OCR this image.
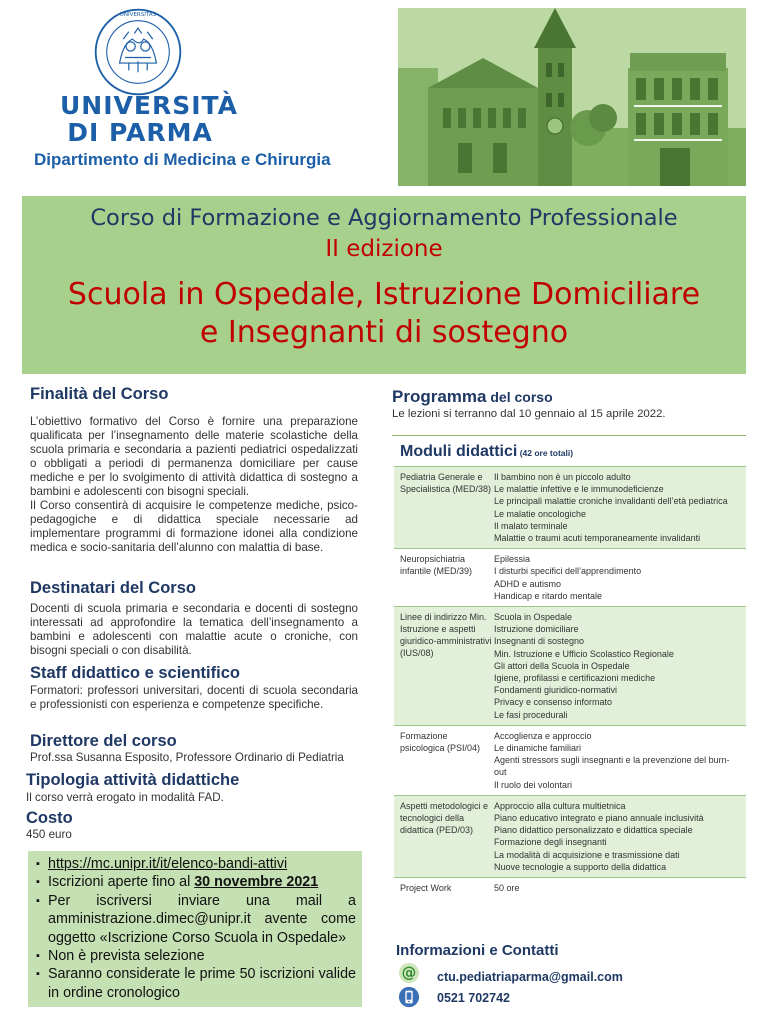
UNIVERSITAS
UNIVERSITÀ
DI PARMA
Dipartimento di Medicina e Chirurgia
Corso di Formazione e Aggiornamento Professionale
II edizione
Scuola in Ospedale, Istruzione Domiciliare
e Insegnanti di sostegno
Finalità del Corso

L’obiettivo formativo del Corso è fornire una preparazione qualificata per l’insegnamento delle materie scolastiche della scuola primaria e secondaria a pazienti pediatrici ospedalizzati o obbligati a periodi di permanenza domiciliare per cause mediche e per lo svolgimento di attività didattica di sostegno a bambini e adolescenti con bisogni speciali.

Il Corso consentirà di acquisire le competenze mediche, psico-pedagogiche e di didattica speciale necessarie ad implementare programmi di formazione idonei alla condizione medica e socio-sanitaria dell’alunno con malattia di base.

Destinatari del Corso

Docenti di scuola primaria e secondaria e docenti di sostegno interessati ad approfondire la tematica dell’insegnamento a bambini e adolescenti con malattie acute o croniche, con bisogni speciali o con disabilità.

Staff didattico e scientifico

Formatori: professori universitari, docenti di scuola secondaria e professionisti con esperienza e competenze specifiche.

Direttore del corso

Prof.ssa Susanna Esposito, Professore Ordinario di Pediatria

Tipologia attività didattiche

Il corso verrà erogato in modalità FAD.

Costo

450 euro

▪ https://mc.unipr.it/it/elenco-bandi-attivi
▪ Iscrizioni aperte fino al 30 novembre 2021
▪ Per iscriversi inviare una mail a amministrazione.dimec@unipr.it avente come oggetto «Iscrizione Corso Scuola in Ospedale»
▪ Non è prevista selezione
▪ Saranno considerate le prime 50 iscrizioni valide in ordine cronologico
Programma del corso
Le lezioni si terranno dal 10 gennaio al 15 aprile 2022.
Moduli didattici (42 ore totali)
Pediatria Generale e Specialistica (MED/38)
Il bambino non è un piccolo adulto
Le malattie infettive e le immunodeficienze
Le principali malattie croniche invalidanti dell’età pediatrica
Le malatie oncologiche
Il malato terminale
Malattie o traumi acuti temporaneamente invalidanti
Neuropsichiatria infantile (MED/39)
Epilessia
I disturbi specifici dell’apprendimento
ADHD e autismo
Handicap e ritardo mentale
Linee di indirizzo Min. Istruzione e aspetti giuridico-amministrativi (IUS/08)
Scuola in Ospedale
Istruzione domiciliare
Insegnanti di sostegno
Min. Istruzione e Ufficio Scolastico Regionale
Gli attori della Scuola in Ospedale
Igiene, profilassi e certificazioni mediche
Fondamenti giuridico-normativi
Privacy e consenso informato
Le fasi procedurali
Formazione psicologica (PSI/04)
Accoglienza e approccio
Le dinamiche familiari
Agenti stressors sugli insegnanti e la prevenzione del burn-out
Il ruolo dei volontari
Aspetti metodologici e tecnologici della didattica (PED/03)
Approccio alla cultura multietnica
Piano educativo integrato e piano annuale inclusività
Piano didattico personalizzato e didattica speciale
Formazione degli insegnanti
La modalità di acquisizione e trasmissione dati
Nuove tecnologie a supporto della didattica
Project Work	50 ore
Informazioni e Contatti
@ ctu.pediatriaparma@gmail.com
0521 702742
